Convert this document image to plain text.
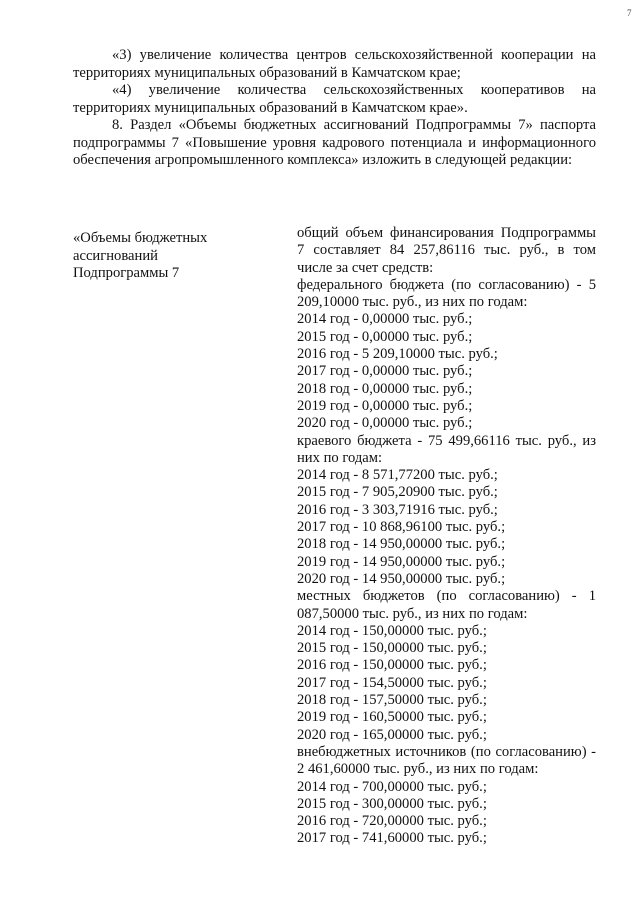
7

«3) увеличение количества центров сельскохозяйственной кооперации на территориях муниципальных образований в Камчатском крае;

«4) увеличение количества сельскохозяйственных кооперативов на территориях муниципальных образований в Камчатском крае».

8. Раздел «Объемы бюджетных ассигнований Подпрограммы 7» паспорта подпрограммы 7 «Повышение уровня кадрового потенциала и информационного обеспечения агропромышленного комплекса» изложить в следующей редакции:

«Объемы бюджетных
ассигнований
Подпрограммы 7
общий объем финансирования Подпрограммы 7 составляет 84 257,86116 тыс. руб., в том числе за счет средств:
федерального бюджета (по согласованию) - 5 209,10000 тыс. руб., из них по годам:
2014 год - 0,00000 тыс. руб.;
2015 год - 0,00000 тыс. руб.;
2016 год - 5 209,10000 тыс. руб.;
2017 год - 0,00000 тыс. руб.;
2018 год - 0,00000 тыс. руб.;
2019 год - 0,00000 тыс. руб.;
2020 год - 0,00000 тыс. руб.;
краевого бюджета - 75 499,66116 тыс. руб., из них по годам:
2014 год - 8 571,77200 тыс. руб.;
2015 год - 7 905,20900 тыс. руб.;
2016 год - 3 303,71916 тыс. руб.;
2017 год - 10 868,96100 тыс. руб.;
2018 год - 14 950,00000 тыс. руб.;
2019 год - 14 950,00000 тыс. руб.;
2020 год - 14 950,00000 тыс. руб.;
местных бюджетов (по согласованию) - 1 087,50000 тыс. руб., из них по годам:
2014 год - 150,00000 тыс. руб.;
2015 год - 150,00000 тыс. руб.;
2016 год - 150,00000 тыс. руб.;
2017 год - 154,50000 тыс. руб.;
2018 год - 157,50000 тыс. руб.;
2019 год - 160,50000 тыс. руб.;
2020 год - 165,00000 тыс. руб.;
внебюджетных источников (по согласованию) - 2 461,60000 тыс. руб., из них по годам:
2014 год - 700,00000 тыс. руб.;
2015 год - 300,00000 тыс. руб.;
2016 год - 720,00000 тыс. руб.;
2017 год - 741,60000 тыс. руб.;
